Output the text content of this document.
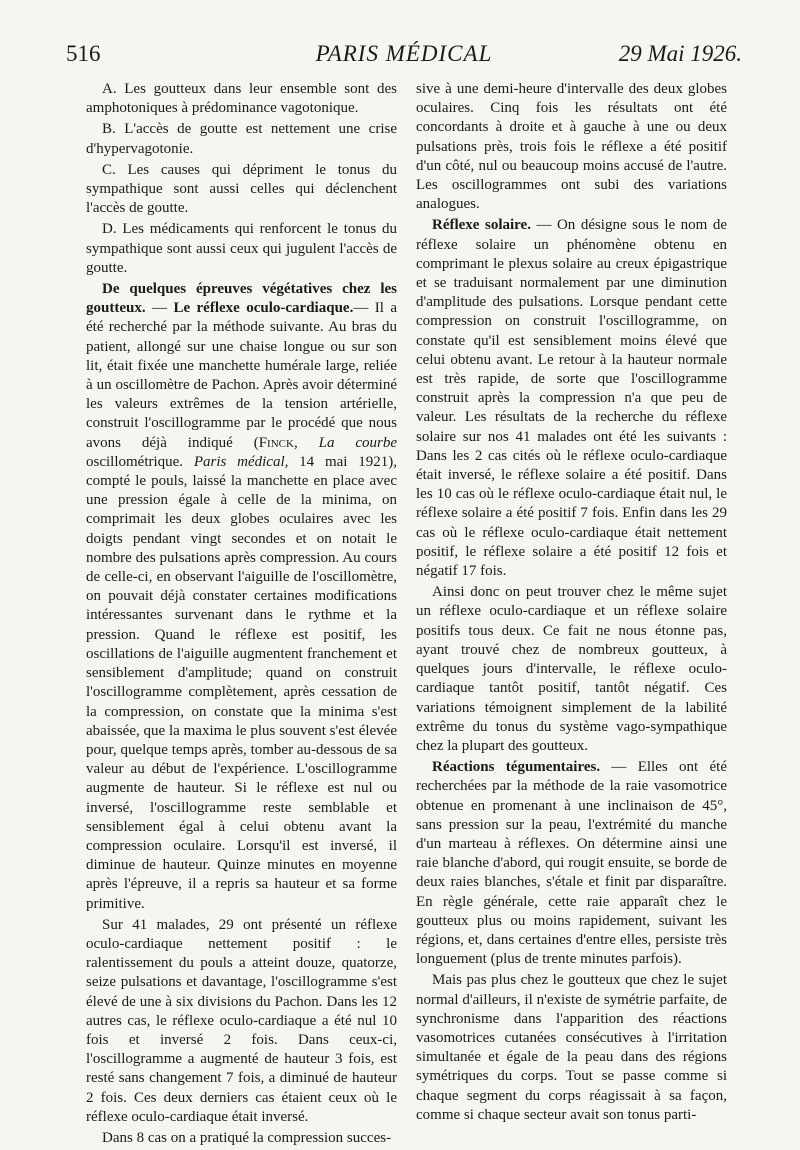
516	PARIS MÉDICAL	29 Mai 1926.

A. Les goutteux dans leur ensemble sont des amphotoniques à prédominance vagotonique.

B. L'accès de goutte est nettement une crise d'hypervagotonie.

C. Les causes qui dépriment le tonus du sympathique sont aussi celles qui déclenchent l'accès de goutte.

D. Les médicaments qui renforcent le tonus du sympathique sont aussi ceux qui jugulent l'accès de goutte.

De quelques épreuves végétatives chez les goutteux. — Le réflexe oculo-cardiaque.— Il a été recherché par la méthode suivante. Au bras du patient, allongé sur une chaise longue ou sur son lit, était fixée une manchette humérale large, reliée à un oscillomètre de Pachon. Après avoir déterminé les valeurs extrêmes de la tension artérielle, construit l'oscillogramme par le procédé que nous avons déjà indiqué (Finck, La courbe oscillométrique. Paris médical, 14 mai 1921), compté le pouls, laissé la manchette en place avec une pression égale à celle de la minima, on comprimait les deux globes oculaires avec les doigts pendant vingt secondes et on notait le nombre des pulsations après compression. Au cours de celle-ci, en observant l'aiguille de l'oscillomètre, on pouvait déjà constater certaines modifications intéressantes survenant dans le rythme et la pression. Quand le réflexe est positif, les oscillations de l'aiguille augmentent franchement et sensiblement d'amplitude; quand on construit l'oscillogramme complètement, après cessation de la compression, on constate que la minima s'est abaissée, que la maxima le plus souvent s'est élevée pour, quelque temps après, tomber au-dessous de sa valeur au début de l'expérience. L'oscillogramme augmente de hauteur. Si le réflexe est nul ou inversé, l'oscillogramme reste semblable et sensiblement égal à celui obtenu avant la compression oculaire. Lorsqu'il est inversé, il diminue de hauteur. Quinze minutes en moyenne après l'épreuve, il a repris sa hauteur et sa forme primitive.

Sur 41 malades, 29 ont présenté un réflexe oculo-cardiaque nettement positif : le ralentissement du pouls a atteint douze, quatorze, seize pulsations et davantage, l'oscillogramme s'est élevé de une à six divisions du Pachon. Dans les 12 autres cas, le réflexe oculo-cardiaque a été nul 10 fois et inversé 2 fois. Dans ceux-ci, l'oscillogramme a augmenté de hauteur 3 fois, est resté sans changement 7 fois, a diminué de hauteur 2 fois. Ces deux derniers cas étaient ceux où le réflexe oculo-cardiaque était inversé.

Dans 8 cas on a pratiqué la compression succes-

sive à une demi-heure d'intervalle des deux globes oculaires. Cinq fois les résultats ont été concordants à droite et à gauche à une ou deux pulsations près, trois fois le réflexe a été positif d'un côté, nul ou beaucoup moins accusé de l'autre. Les oscillogrammes ont subi des variations analogues.

Réflexe solaire. — On désigne sous le nom de réflexe solaire un phénomène obtenu en comprimant le plexus solaire au creux épigastrique et se traduisant normalement par une diminution d'amplitude des pulsations. Lorsque pendant cette compression on construit l'oscillogramme, on constate qu'il est sensiblement moins élevé que celui obtenu avant. Le retour à la hauteur normale est très rapide, de sorte que l'oscillogramme construit après la compression n'a que peu de valeur. Les résultats de la recherche du réflexe solaire sur nos 41 malades ont été les suivants : Dans les 2 cas cités où le réflexe oculo-cardiaque était inversé, le réflexe solaire a été positif. Dans les 10 cas où le réflexe oculo-cardiaque était nul, le réflexe solaire a été positif 7 fois. Enfin dans les 29 cas où le réflexe oculo-cardiaque était nettement positif, le réflexe solaire a été positif 12 fois et négatif 17 fois.

Ainsi donc on peut trouver chez le même sujet un réflexe oculo-cardiaque et un réflexe solaire positifs tous deux. Ce fait ne nous étonne pas, ayant trouvé chez de nombreux goutteux, à quelques jours d'intervalle, le réflexe oculo-cardiaque tantôt positif, tantôt négatif. Ces variations témoignent simplement de la labilité extrême du tonus du système vago-sympathique chez la plupart des goutteux.

Réactions tégumentaires. — Elles ont été recherchées par la méthode de la raie vasomotrice obtenue en promenant à une inclinaison de 45°, sans pression sur la peau, l'extrémité du manche d'un marteau à réflexes. On détermine ainsi une raie blanche d'abord, qui rougit ensuite, se borde de deux raies blanches, s'étale et finit par disparaître. En règle générale, cette raie apparaît chez le goutteux plus ou moins rapidement, suivant les régions, et, dans certaines d'entre elles, persiste très longuement (plus de trente minutes parfois).

Mais pas plus chez le goutteux que chez le sujet normal d'ailleurs, il n'existe de symétrie parfaite, de synchronisme dans l'apparition des réactions vasomotrices cutanées consécutives à l'irritation simultanée et égale de la peau dans des régions symétriques du corps. Tout se passe comme si chaque segment du corps réagissait à sa façon, comme si chaque secteur avait son tonus parti-
